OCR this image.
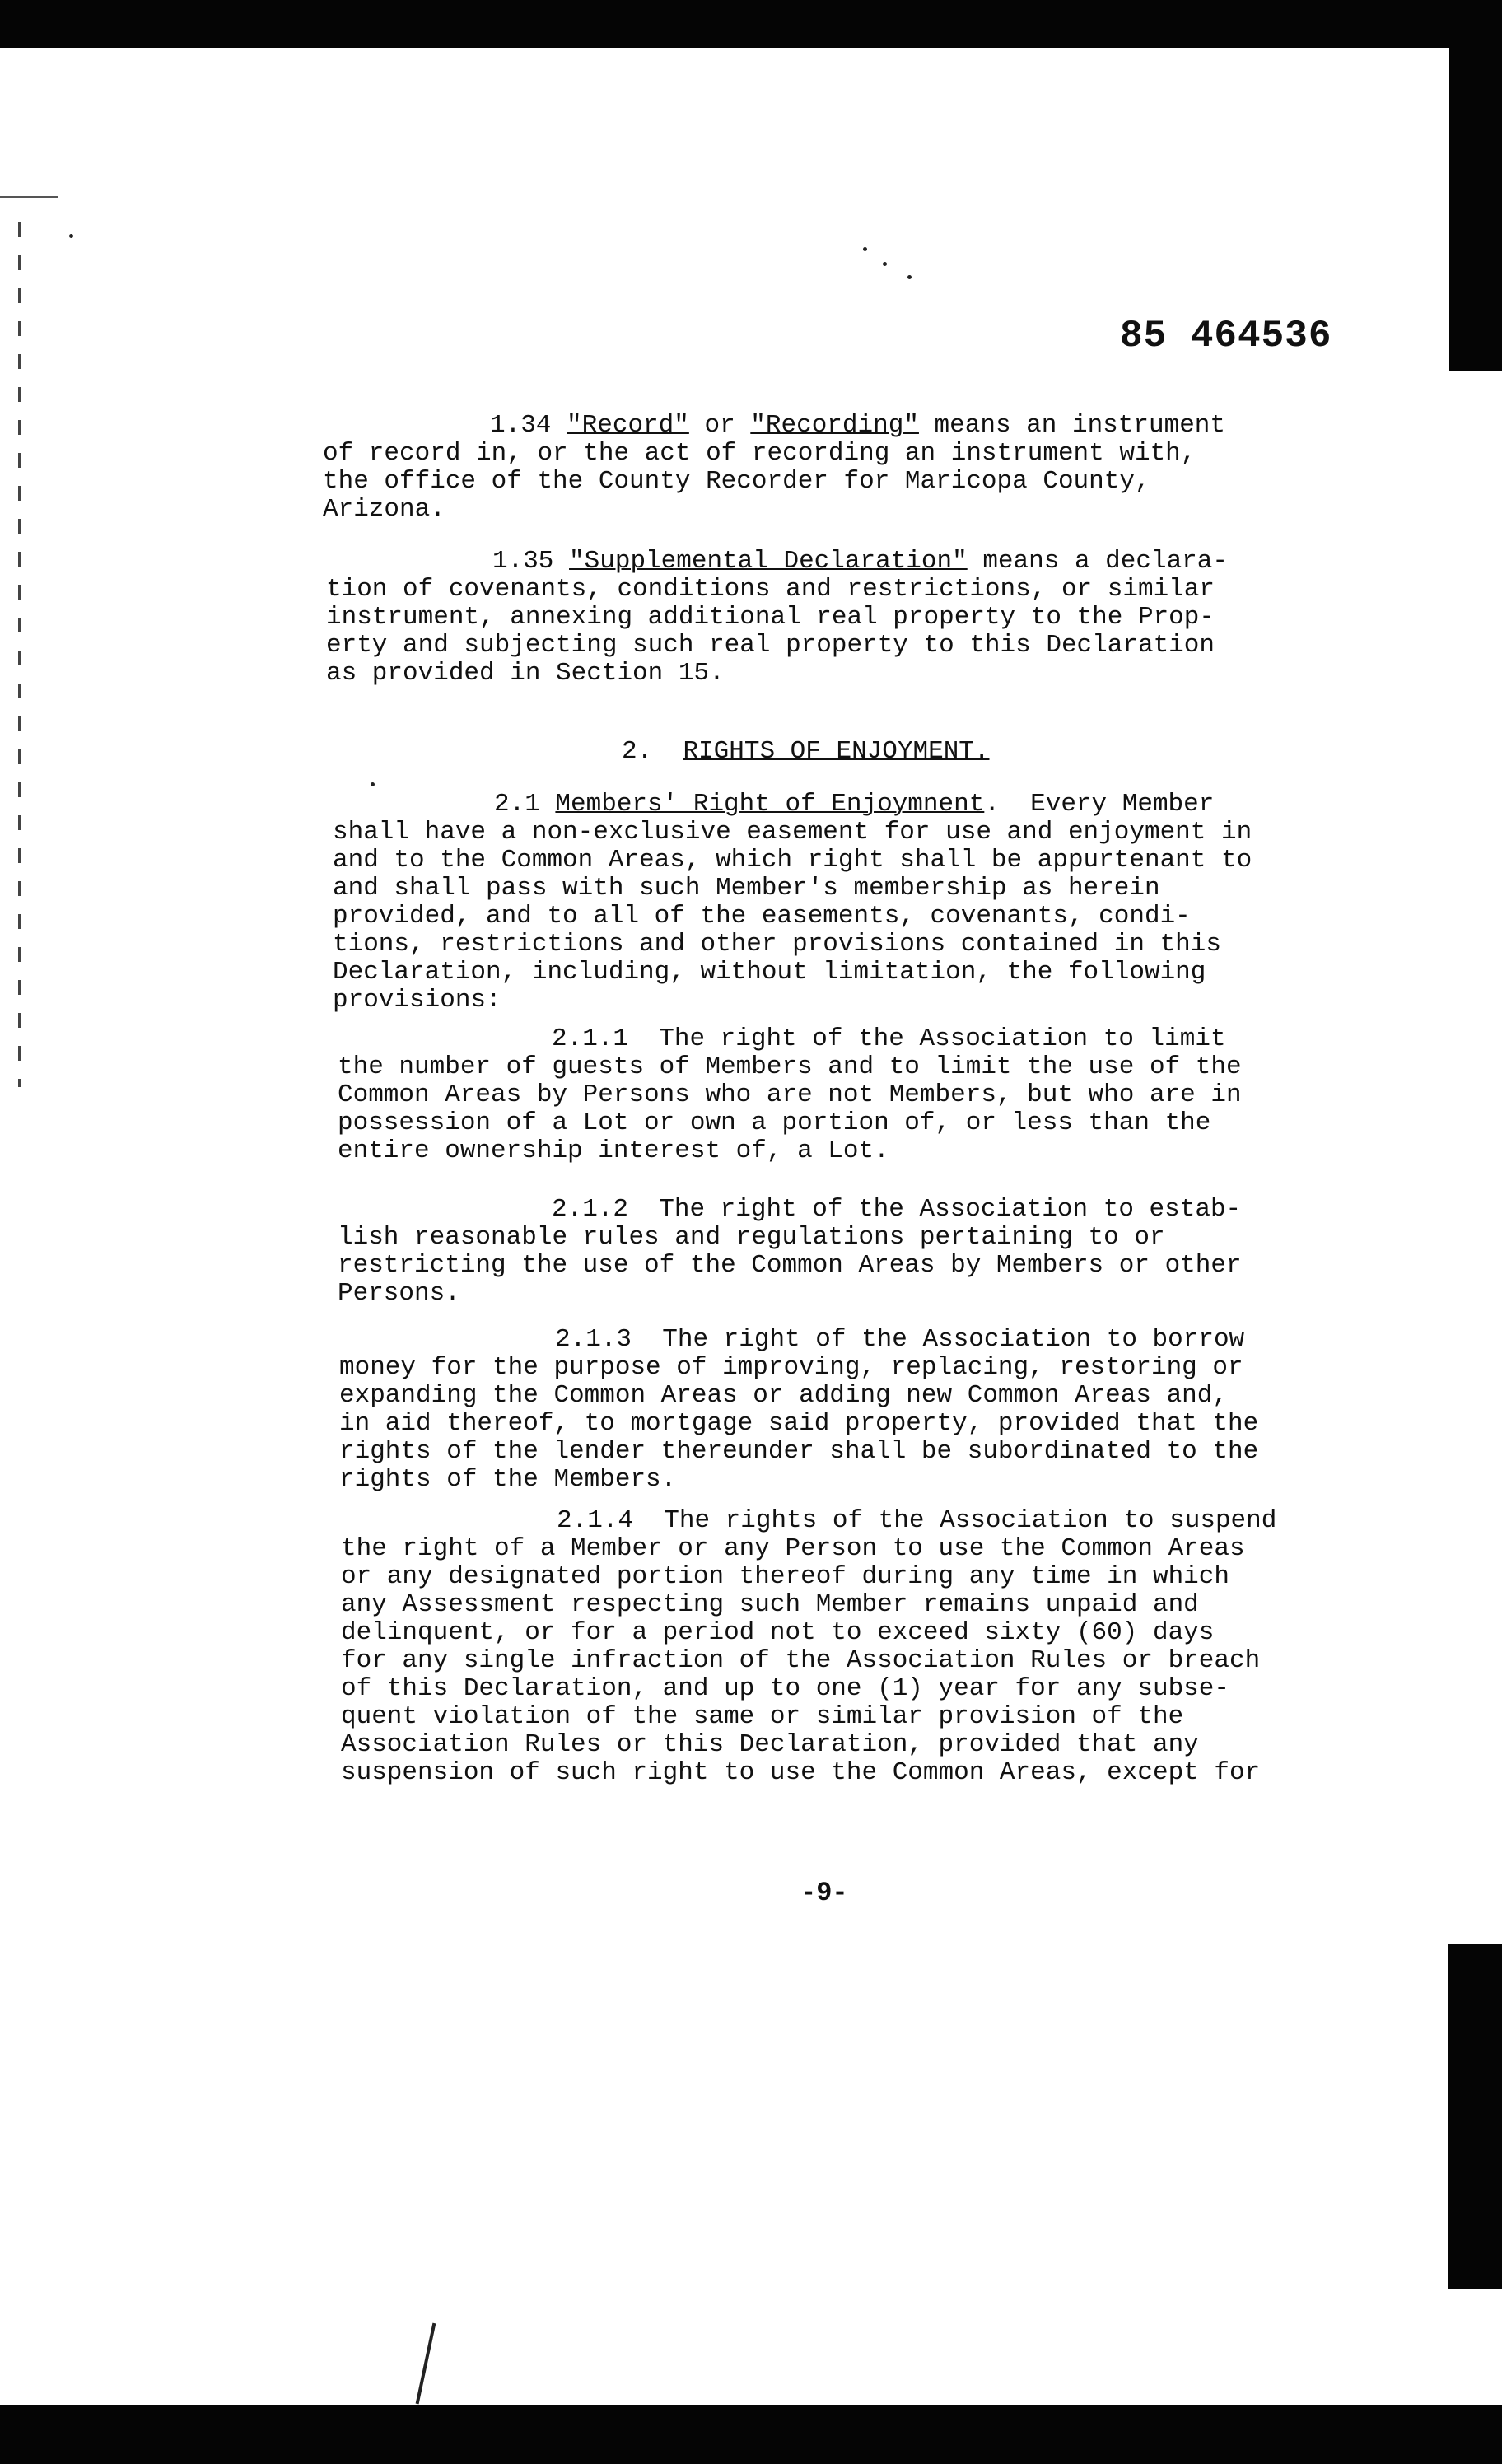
85 464536
1.34 "Record" or "Recording" means an instrument
of record in, or the act of recording an instrument with,
the office of the County Recorder for Maricopa County,
Arizona.
1.35 "Supplemental Declaration" means a declara-
tion of covenants, conditions and restrictions, or similar
instrument, annexing additional real property to the Prop-
erty and subjecting such real property to this Declaration
as provided in Section 15.
2. RIGHTS OF ENJOYMENT.
2.1 Members' Right of Enjoymnent.  Every Member
shall have a non-exclusive easement for use and enjoyment in
and to the Common Areas, which right shall be appurtenant to
and shall pass with such Member's membership as herein
provided, and to all of the easements, covenants, condi-
tions, restrictions and other provisions contained in this
Declaration, including, without limitation, the following
provisions:
2.1.1 The right of the Association to limit
the number of guests of Members and to limit the use of the
Common Areas by Persons who are not Members, but who are in
possession of a Lot or own a portion of, or less than the
entire ownership interest of, a Lot.
2.1.2 The right of the Association to estab-
lish reasonable rules and regulations pertaining to or
restricting the use of the Common Areas by Members or other
Persons.
2.1.3 The right of the Association to borrow
money for the purpose of improving, replacing, restoring or
expanding the Common Areas or adding new Common Areas and,
in aid thereof, to mortgage said property, provided that the
rights of the lender thereunder shall be subordinated to the
rights of the Members.
2.1.4 The rights of the Association to suspend
the right of a Member or any Person to use the Common Areas
or any designated portion thereof during any time in which
any Assessment respecting such Member remains unpaid and
delinquent, or for a period not to exceed sixty (60) days
for any single infraction of the Association Rules or breach
of this Declaration, and up to one (1) year for any subse-
quent violation of the same or similar provision of the
Association Rules or this Declaration, provided that any
suspension of such right to use the Common Areas, except for
-9-
